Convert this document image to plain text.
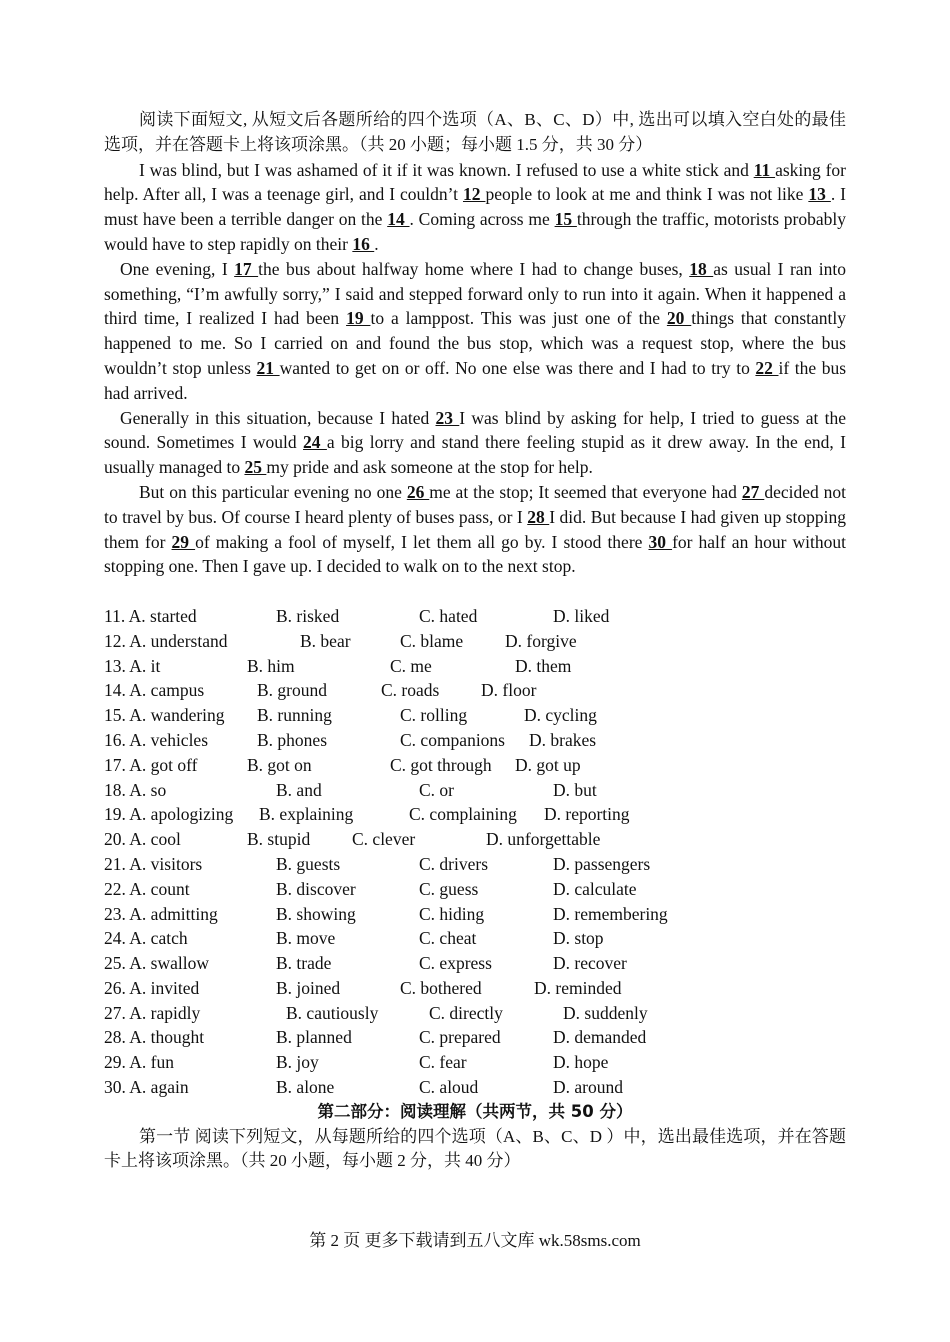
阅读下面短文, 从短文后各题所给的四个选项（A、B、C、D）中, 选出可以填入空白处的最佳选项，并在答题卡上将该项涂黑。（共 20 小题；每小题 1.5 分，共 30 分）

I was blind, but I was ashamed of it if it was known. I refused to use a white stick and 11 asking for help. After all, I was a teenage girl, and I couldn’t 12 people to look at me and think I was not like 13 . I must have been a terrible danger on the 14 . Coming across me 15 through the traffic, motorists probably would have to step rapidly on their 16 .

One evening, I 17 the bus about halfway home where I had to change buses, 18 as usual I ran into something, “I’m awfully sorry,” I said and stepped forward only to run into it again. When it happened a third time, I realized I had been 19 to a lamppost. This was just one of the 20 things that constantly happened to me. So I carried on and found the bus stop, which was a request stop, where the bus wouldn’t stop unless 21 wanted to get on or off. No one else was there and I had to try to 22 if the bus had arrived.

Generally in this situation, because I hated 23 I was blind by asking for help, I tried to guess at the sound. Sometimes I would 24 a big lorry and stand there feeling stupid as it drew away. In the end, I usually managed to 25 my pride and ask someone at the stop for help.

But on this particular evening no one 26 me at the stop; It seemed that everyone had 27 decided not to travel by bus. Of course I heard plenty of buses pass, or I 28 I did. But because I had given up stopping them for 29 of making a fool of myself, I let them all go by. I stood there 30 for half an hour without stopping one. Then I gave up. I decided to walk on to the next stop.

11. A. started	B. risked	C. hated	D. liked
12. A. understand	B. bear	C. blame D. forgive
13. A. it	B. him	C. me	D. them
14. A. campus	B. ground	C. roads D. floor
15. A. wandering B. running	C. rolling	D. cycling
16. A. vehicles	B. phones	C. companions D. brakes
17. A. got off	B. got on	C. got through D. got up
18. A. so	B. and	C. or	D. but
19. A. apologizing B. explaining	C. complaining D. reporting
20. A. cool	B. stupid C. clever	D. unforgettable
21. A. visitors	B. guests	C. drivers	D. passengers
22. A. count	B. discover	C. guess	D. calculate
23. A. admitting	B. showing	C. hiding	D. remembering
24. A. catch	B. move	C. cheat	D. stop
25. A. swallow	B. trade	C. express	D. recover
26. A. invited	B. joined	C. bothered	D. reminded
27. A. rapidly	B. cautiously	C. directly	D. suddenly
28. A. thought	B. planned	C. prepared	D. demanded
29. A. fun	B. joy	C. fear	D. hope
30. A. again	B. alone	C. aloud	D. around

第二部分：阅读理解（共两节，共 50 分）

第一节 阅读下列短文，从每题所给的四个选项（A、B、C、D ）中，选出最佳选项，并在答题卡上将该项涂黑。（共 20 小题，每小题 2 分，共 40 分）

第 2 页 更多下载请到五八文库 wk.58sms.com
